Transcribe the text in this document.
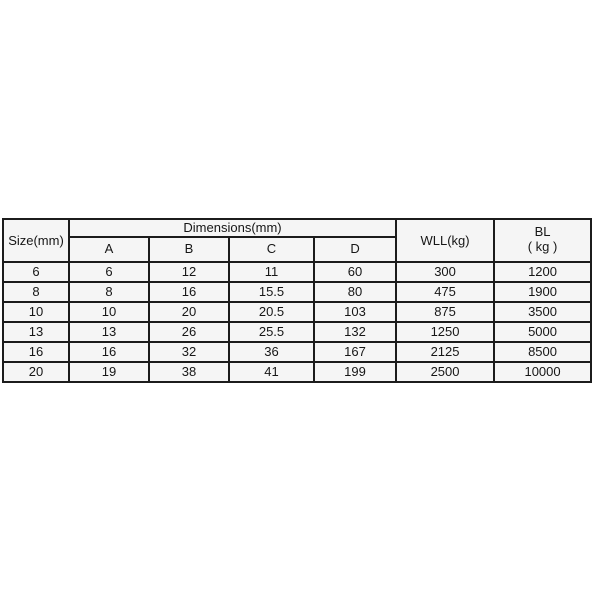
Size(mm)	Dimensions(mm)				WLL(kg)	BL
( kg )

	A	B	C	D		
6	6	12	11	60	300	1200
8	8	16	15.5	80	475	1900
10	10	20	20.5	103	875	3500
13	13	26	25.5	132	1250	5000
16	16	32	36	167	2125	8500
20	19	38	41	199	2500	10000
